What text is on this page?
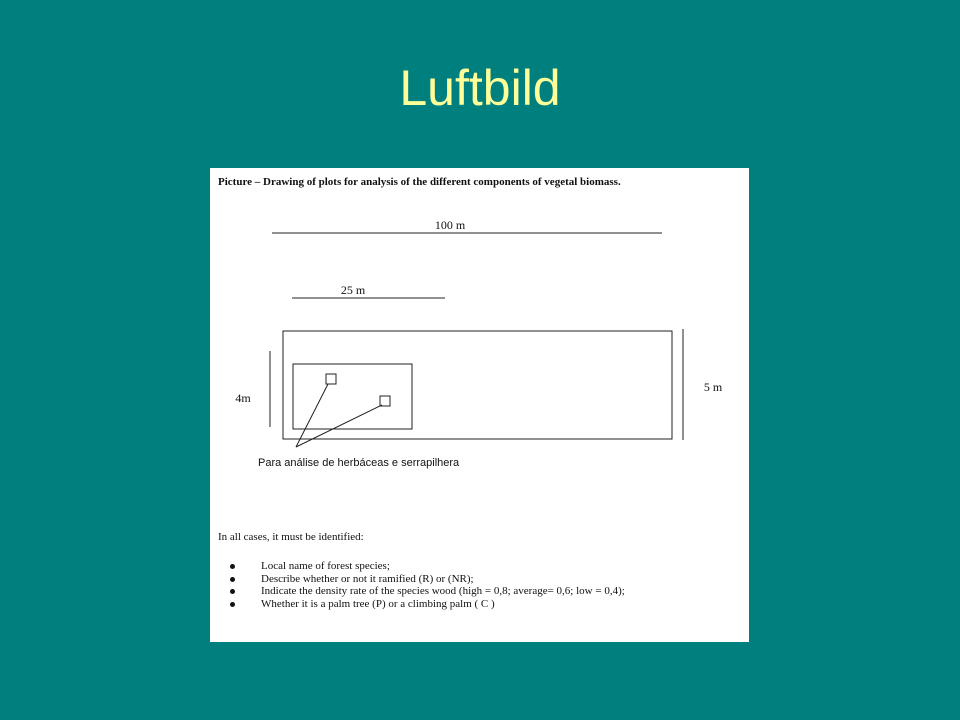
Luftbild
Picture – Drawing of plots for analysis of the different components of vegetal biomass.
100 m
25 m
5 m
4m
Para análise de herbáceas e serrapilhera
In all cases, it must be identified:
Local name of forest species;
Describe whether or not it ramified (R) or (NR);
Indicate the density rate of the species wood (high = 0,8; average= 0,6; low = 0,4);
Whether it is a palm tree (P) or a climbing palm ( C )
